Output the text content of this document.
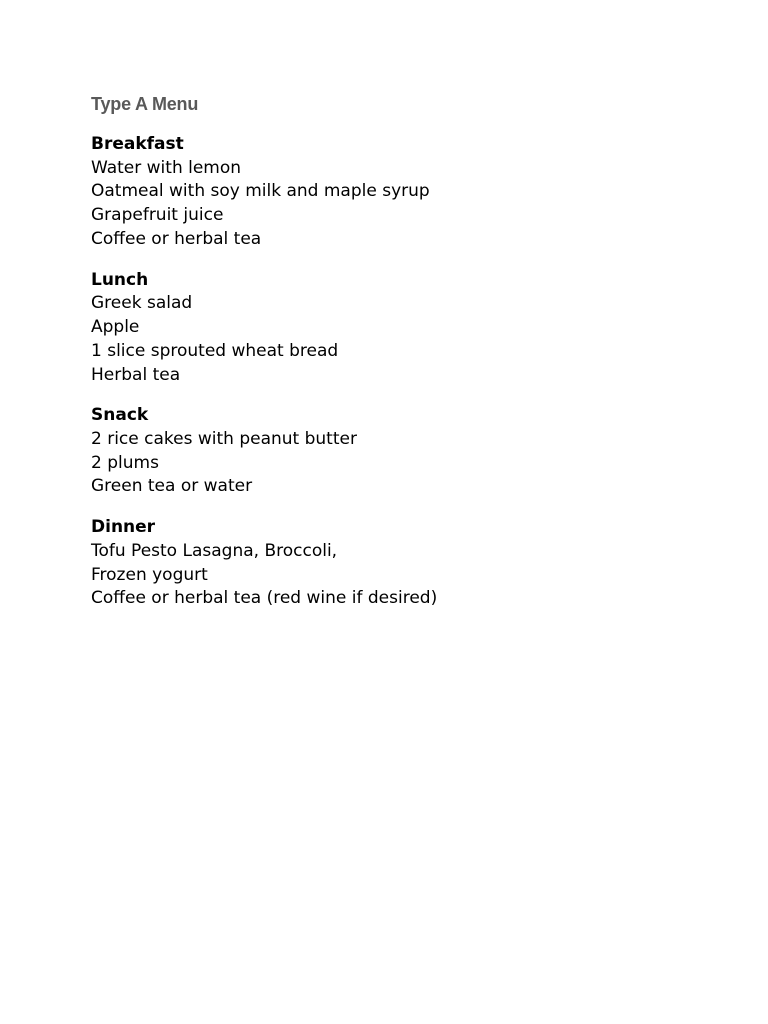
Type A Menu
Breakfast
Water with lemon
Oatmeal with soy milk and maple syrup
Grapefruit juice
Coffee or herbal tea
Lunch
Greek salad
Apple
1 slice sprouted wheat bread
Herbal tea
Snack
2 rice cakes with peanut butter
2 plums
Green tea or water
Dinner
Tofu Pesto Lasagna, Broccoli,
Frozen yogurt
Coffee or herbal tea (red wine if desired)
